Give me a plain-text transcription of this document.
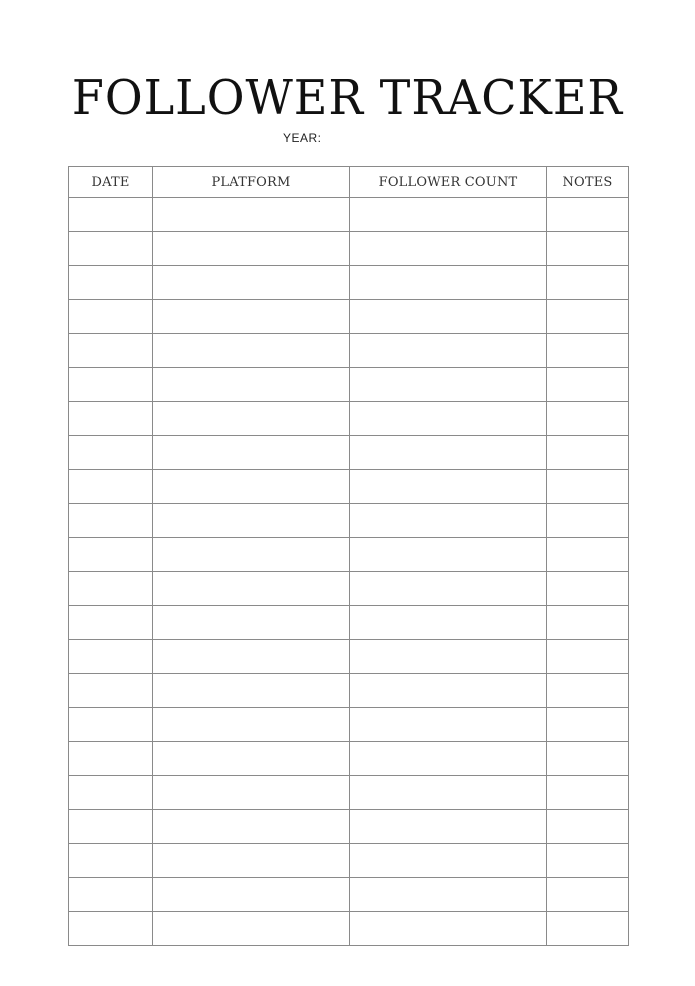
FOLLOWER TRACKER
YEAR:
DATE	PLATFORM	FOLLOWER COUNT	NOTES
